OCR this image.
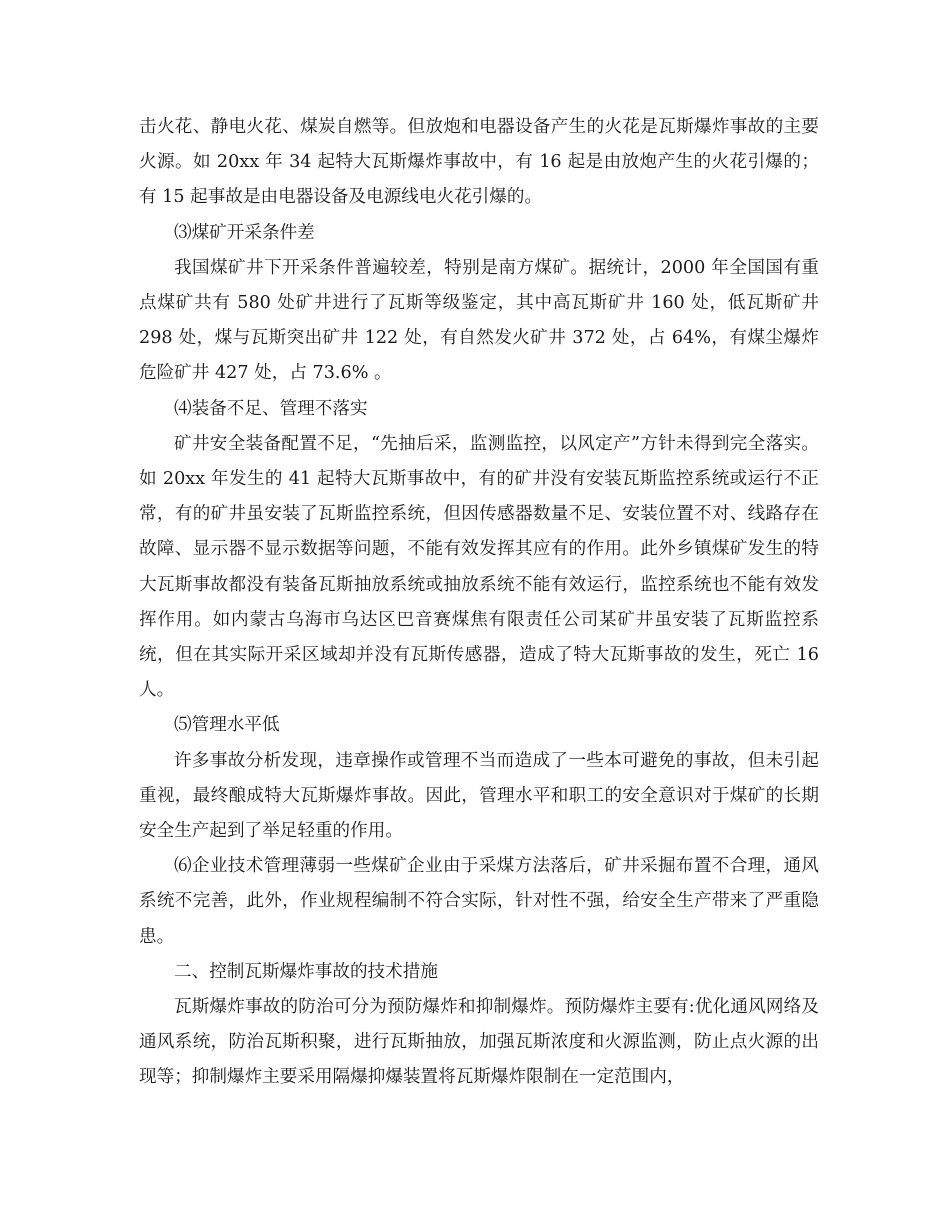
击火花、静电火花、煤炭自燃等。但放炮和电器设备产生的火花是瓦斯爆炸事故的主要火源。如 20xx 年 34 起特大瓦斯爆炸事故中，有 16 起是由放炮产生的火花引爆的；有 15 起事故是由电器设备及电源线电火花引爆的。

⑶煤矿开采条件差

我国煤矿井下开采条件普遍较差，特别是南方煤矿。据统计，2000 年全国国有重点煤矿共有 580 处矿井进行了瓦斯等级鉴定，其中高瓦斯矿井 160 处，低瓦斯矿井 298 处，煤与瓦斯突出矿井 122 处，有自然发火矿井 372 处，占 64%，有煤尘爆炸危险矿井 427 处，占 73.6% 。

⑷装备不足、管理不落实

矿井安全装备配置不足，“先抽后采，监测监控，以风定产”方针未得到完全落实。如 20xx 年发生的 41 起特大瓦斯事故中，有的矿井没有安装瓦斯监控系统或运行不正常，有的矿井虽安装了瓦斯监控系统，但因传感器数量不足、安装位置不对、线路存在故障、显示器不显示数据等问题，不能有效发挥其应有的作用。此外乡镇煤矿发生的特大瓦斯事故都没有装备瓦斯抽放系统或抽放系统不能有效运行，监控系统也不能有效发挥作用。如内蒙古乌海市乌达区巴音赛煤焦有限责任公司某矿井虽安装了瓦斯监控系统，但在其实际开采区域却并没有瓦斯传感器，造成了特大瓦斯事故的发生，死亡 16 人。

⑸管理水平低

许多事故分析发现，违章操作或管理不当而造成了一些本可避免的事故，但未引起重视，最终酿成特大瓦斯爆炸事故。因此，管理水平和职工的安全意识对于煤矿的长期安全生产起到了举足轻重的作用。

⑹企业技术管理薄弱一些煤矿企业由于采煤方法落后，矿井采掘布置不合理，通风系统不完善，此外，作业规程编制不符合实际，针对性不强，给安全生产带来了严重隐患。

二、控制瓦斯爆炸事故的技术措施

瓦斯爆炸事故的防治可分为预防爆炸和抑制爆炸。预防爆炸主要有:优化通风网络及通风系统，防治瓦斯积聚，进行瓦斯抽放，加强瓦斯浓度和火源监测，防止点火源的出现等；抑制爆炸主要采用隔爆抑爆装置将瓦斯爆炸限制在一定范围内，
